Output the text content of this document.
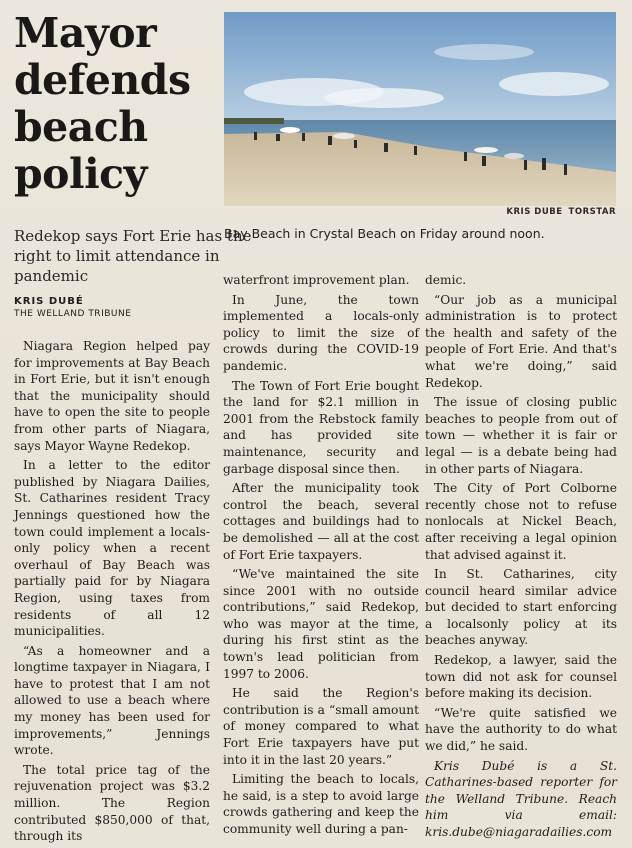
Mayor
defends
beach
policy
KRIS DUBE TORSTAR
Bay Beach in Crystal Beach on Friday around noon.
Redekop says Fort Erie has the right to limit attendance in pandemic
KRIS DUBÉ
THE WELLAND TRIBUNE

Niagara Region helped pay for improvements at Bay Beach in Fort Erie, but it isn't enough that the municipality should have to open the site to people from other parts of Niagara, says Mayor Wayne Redekop.

In a letter to the editor published by Niagara Dailies, St. Catharines resident Tracy Jennings questioned how the town could implement a locals-only policy when a recent overhaul of Bay Beach was partially paid for by Niagara Region, using taxes from residents of all 12 municipalities.

“As a homeowner and a longtime taxpayer in Niagara, I have to protest that I am not allowed to use a beach where my money has been used for improvements,” Jennings wrote.

The total price tag of the rejuvenation project was $3.2 million. The Region contributed $850,000 of that, through its

waterfront improvement plan.

In June, the town implemented a locals-only policy to limit the size of crowds during the COVID-19 pandemic.

The Town of Fort Erie bought the land for $2.1 million in 2001 from the Rebstock family and has provided site maintenance, security and garbage disposal since then.

After the municipality took control the beach, several cottages and buildings had to be demolished — all at the cost of Fort Erie taxpayers.

“We've maintained the site since 2001 with no outside contributions,” said Redekop, who was mayor at the time, during his first stint as the town's lead politician from 1997 to 2006.

He said the Region's contribution is a “small amount of money compared to what Fort Erie taxpayers have put into it in the last 20 years.”

Limiting the beach to locals, he said, is a step to avoid large crowds gathering and keep the community well during a pan-

demic.

“Our job as a municipal administration is to protect the health and safety of the people of Fort Erie. And that's what we're doing,” said Redekop.

The issue of closing public beaches to people from out of town — whether it is fair or legal — is a debate being had in other parts of Niagara.

The City of Port Colborne recently chose not to refuse nonlocals at Nickel Beach, after receiving a legal opinion that advised against it.

In St. Catharines, city council heard similar advice but decided to start enforcing a localsonly policy at its beaches anyway.

Redekop, a lawyer, said the town did not ask for counsel before making its decision.

“We're quite satisfied we have the authority to do what we did,” he said.

Kris Dubé is a St. Catharines-based reporter for the Welland Tribune. Reach him via email: kris.dube@niagaradailies.com
